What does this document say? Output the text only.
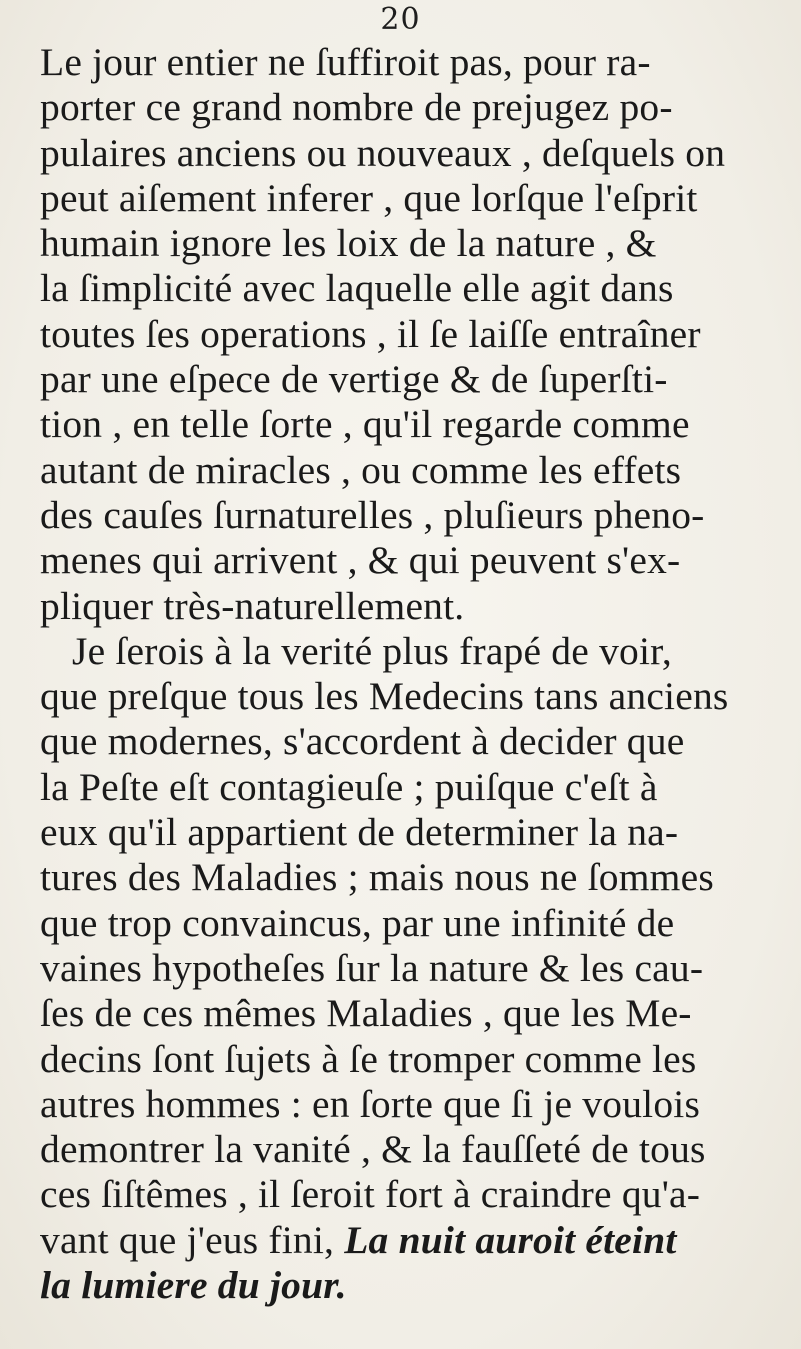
20
Le jour entier ne ſuffiroit pas, pour ra-
porter ce grand nombre de prejugez po-
pulaires anciens ou nouveaux , deſquels on
peut aiſement inferer , que lorſque l'eſprit
humain ignore les loix de la nature , &
la ſimplicité avec laquelle elle agit dans
toutes ſes operations , il ſe laiſſe entraîner
par une eſpece de vertige & de ſuperſti-
tion , en telle ſorte , qu'il regarde comme
autant de miracles , ou comme les effets
des cauſes ſurnaturelles , pluſieurs pheno-
menes qui arrivent , & qui peuvent s'ex-
pliquer très-naturellement.
Je ſerois à la verité plus frapé de voir,
que preſque tous les Medecins tans anciens
que modernes, s'accordent à decider que
la Peſte eſt contagieuſe ; puiſque c'eſt à
eux qu'il appartient de determiner la na-
tures des Maladies ; mais nous ne ſommes
que trop convaincus, par une infinité de
vaines hypotheſes ſur la nature & les cau-
ſes de ces mêmes Maladies , que les Me-
decins ſont ſujets à ſe tromper comme les
autres hommes : en ſorte que ſi je voulois
demontrer la vanité , & la fauſſeté de tous
ces ſiſtêmes , il ſeroit fort à craindre qu'a-
vant que j'eus fini, La nuit auroit éteint
la lumiere du jour.
